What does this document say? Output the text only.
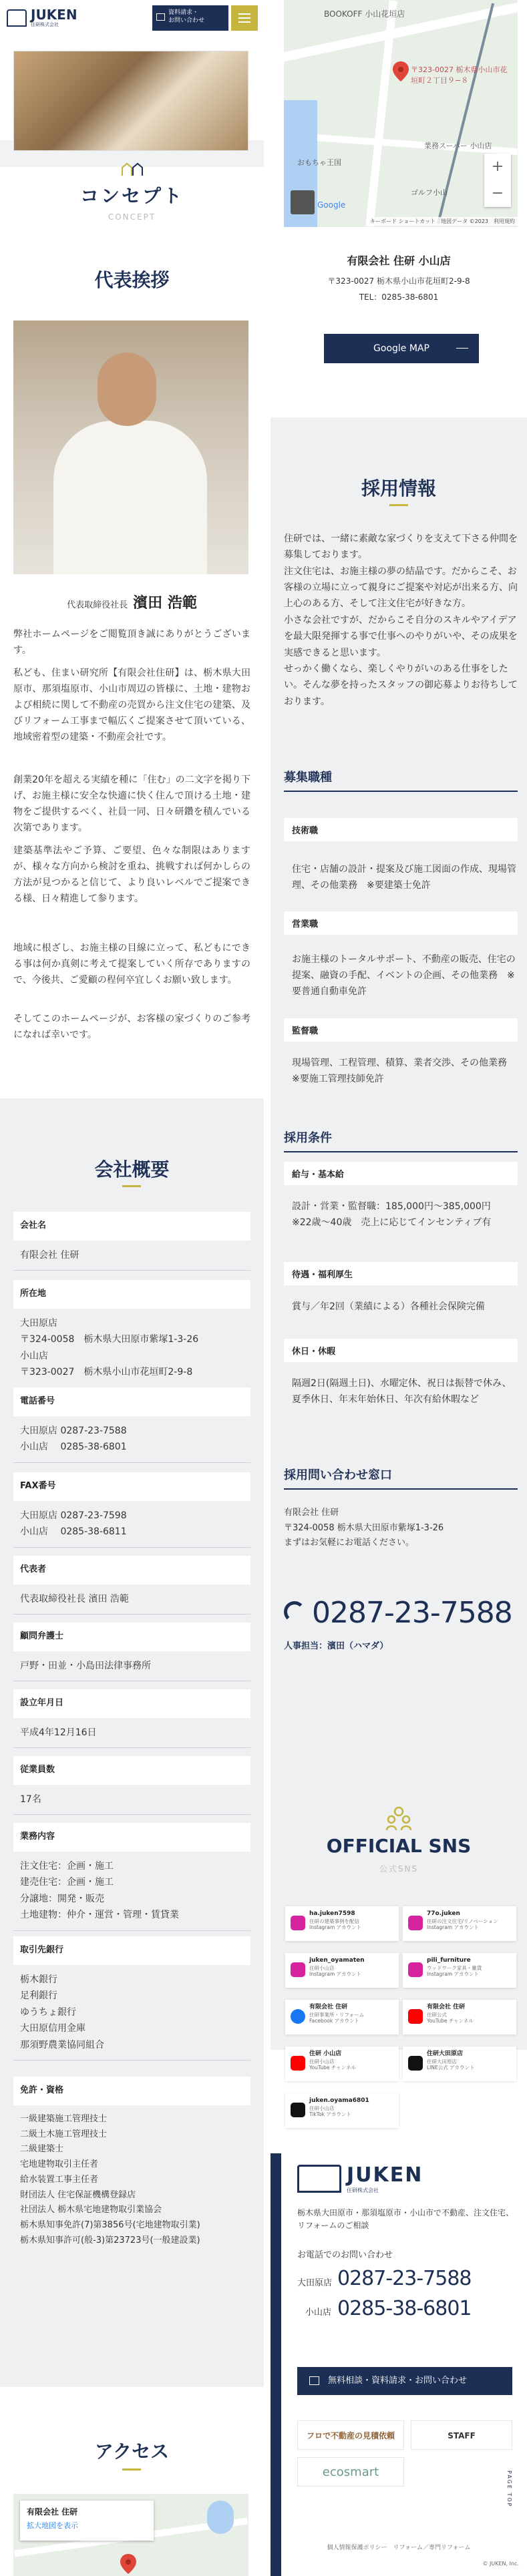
JUKEN
住研株式会社
資料請求・
お問い合わせ
コンセプト
CONCEPT
代表挨拶
代表取締役社長 濱田 浩範
弊社ホームページをご閲覧頂き誠にありがとうございます。
私ども、住まい研究所【有限会社住研】は、栃木県大田原市、那須塩原市、小山市周辺の皆様に、土地・建物および相続に関して不動産の売買から注文住宅の建築、及びリフォーム工事まで幅広くご提案させて頂いている、地域密着型の建築・不動産会社です。
創業20年を超える実績を種に「住む」の二文字を掲り下げ、お施主様に安全な快適に快く住んで頂ける土地・建物をご提供するべく、社員一同、日々研鑽を積んでいる次第であります。
建築基準法やご予算、ご要望、色々な制限はありますが、様々な方向から検討を重ね、挑戦すれば何かしらの方法が見つかると信じて、より良いレベルでご提案できる様、日々精進して参ります。
地域に根ざし、お施主様の目線に立って、私どもにできる事は何か真剣に考えて提案していく所存でありますので、今後共、ご愛顧の程何卒宜しくお願い致します。
そしてこのホームページが、お客様の家づくりのご参考になれば幸いです。
会社概要
会社名
有限会社 住研
所在地
大田原店
〒324-0058　栃木県大田原市紫塚1-3-26
小山店
〒323-0027　栃木県小山市花垣町2-9-8
電話番号
大田原店 0287-23-7588
小山店　 0285-38-6801
FAX番号
大田原店 0287-23-7598
小山店　 0285-38-6811
代表者
代表取締役社長 濱田 浩範
顧問弁護士
戸野・田並・小島田法律事務所
設立年月日
平成4年12月16日
従業員数
17名
業務内容
注文住宅：企画・施工
建売住宅：企画・施工
分譲地：開発・販売
土地建物：仲介・運営・管理・賃貸業
取引先銀行
栃木銀行
足利銀行
ゆうちょ銀行
大田原信用金庫
那須野農業協同組合
免許・資格
一級建築施工管理技士
二級土木施工管理技士
二級建築士
宅地建物取引主任者
給水装置工事主任者
財団法人 住宅保証機構登録店
社団法人 栃木県宅地建物取引業協会
栃木県知事免許(7)第3856号(宅地建物取引業)
栃木県知事許可(般-3)第23723号(一般建設業)
アクセス
有限会社 住研
拡大地図を表示
BOOKOFF 小山花垣店
〒323-0027 栃木県小山市花垣町２丁目９−８
おもちゃ王国
業務スーパー 小山店
ゴルフ小山
Google
+
−
キーボード ショートカット　地図データ ©2023　利用規約
有限会社 住研 小山店
〒323-0027 栃木県小山市花垣町2-9-8
TEL：0285-38-6801
Google MAP
採用情報
住研では、一緒に素敵な家づくりを支えて下さる仲間を募集しております。
注文住宅は、お施主様の夢の結晶です。だからこそ、お客様の立場に立って親身にご提案や対応が出来る方、向上心のある方、そして注文住宅が好きな方。
小さな会社ですが、だからこそ自分のスキルやアイデアを最大限発揮する事で仕事へのやりがいや、その成果を実感できると思います。
せっかく働くなら、楽しくやりがいのある仕事をしたい。そんな夢を持ったスタッフの御応募よりお待ちしております。
募集職種
技術職
住宅・店舗の設計・提案及び施工図面の作成、現場管理、その他業務　※要建築士免許
営業職
お施主様のトータルサポート、不動産の販売、住宅の提案、融資の手配、イベントの企画、その他業務　※要普通自動車免許
監督職
現場管理、工程管理、積算、業者交渉、その他業務　※要施工管理技師免許
採用条件
給与・基本給
設計・営業・監督職：185,000円〜385,000円
※22歳〜40歳　売上に応じてインセンティブ有
待遇・福利厚生
賞与／年2回（業績による）各種社会保険完備
休日・休暇
隔週2日(隔週土日)、水曜定休、祝日は振替で休み、夏季休日、年末年始休日、年次有給休暇など
採用問い合わせ窓口
有限会社 住研
〒324-0058 栃木県大田原市紫塚1-3-26
まずはお気軽にお電話ください。
0287-23-7588
人事担当：濱田（ハマダ）
OFFICIAL SNS
公式SNS
ha.juken7598
住研の建築事例を配信
Instagram アカウント
77o.juken
住研の注文住宅/リノベーション
Instagram アカウント
juken_oyamaten
住研小山店
Instagram アカウント
pili_furniture
ウッドワーク家具・雑貨
Instagram アカウント
有限会社 住研
住研事業所・リフォーム
Facebook アカウント
有限会社 住研
住研公式
YouTube チャンネル
住研 小山店
住研小山店
YouTube チャンネル
住研大田原店
住研大田原店
LINE公式 アカウント
juken.oyama6801
住研小山店
TikTok アカウント
JUKEN
住研株式会社
栃木県大田原市・那須塩原市・小山市で不動産、注文住宅、リフォームのご相談
お電話でのお問い合わせ
大田原店 0287-23-7588
小山店 0285-38-6801
無料相談・資料請求・お問い合わせ
フロで不動産の見積依頼	STAFF
ecosmart	PAGE TOP
個人情報保護ポリシー　リフォーム／専門リフォーム
© JUKEN, Inc.
